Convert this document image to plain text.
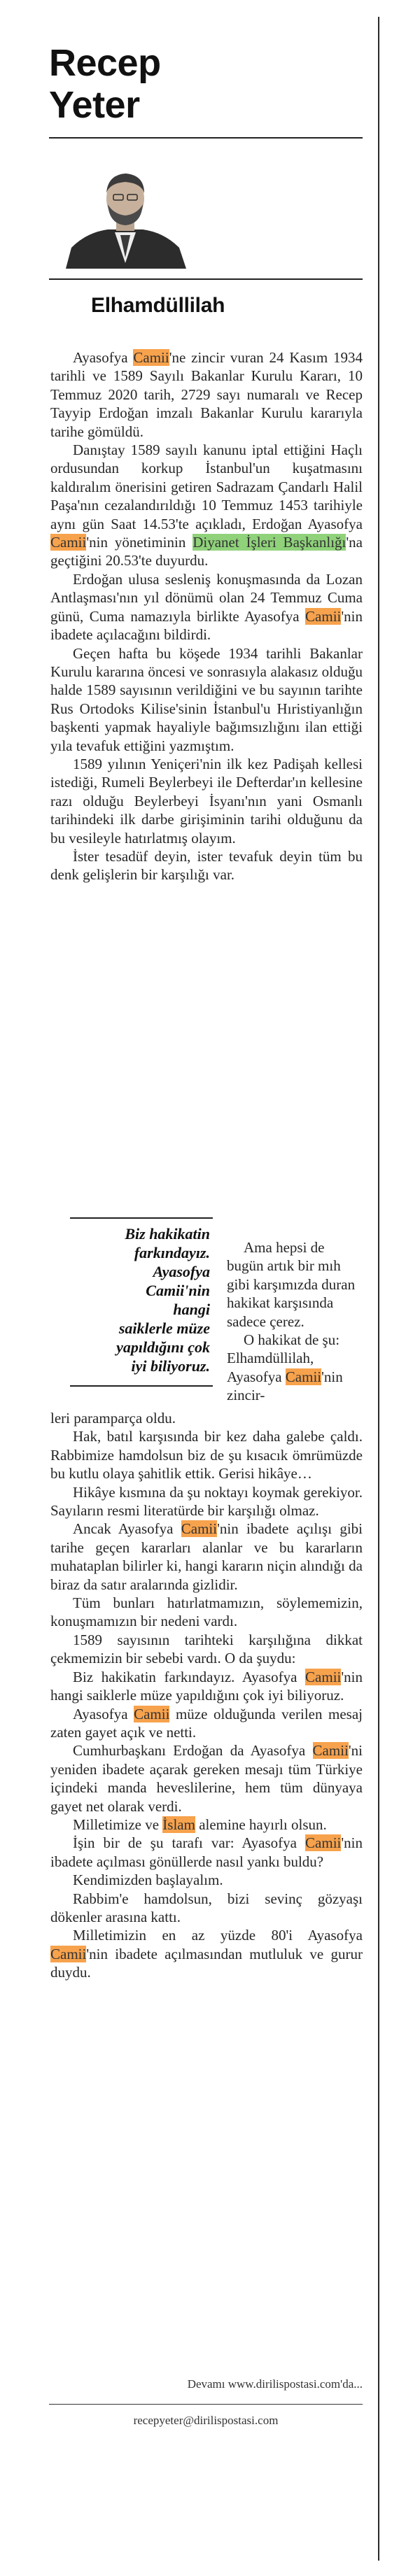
Recep
Yeter
Elhamdüllilah

Ayasofya Camii'ne zincir vuran 24 Kasım 1934 tarihli ve 1589 Sayılı Bakanlar Kurulu Kararı, 10 Temmuz 2020 tarih, 2729 sayı numaralı ve Recep Tayyip Erdoğan imzalı Bakanlar Kurulu kararıyla tarihe gömüldü.

Danıştay 1589 sayılı kanunu iptal ettiğini Haçlı ordusundan korkup İstanbul'un kuşatmasını kaldıralım önerisini getiren Sadrazam Çandarlı Halil Paşa'nın cezalandırıldığı 10 Temmuz 1453 tarihiyle aynı gün Saat 14.53'te açıkladı, Erdoğan Ayasofya Camii'nin yönetiminin Diyanet İşleri Başkanlığı'na geçtiğini 20.53'te duyurdu.

Erdoğan ulusa sesleniş konuşmasında da Lozan Antlaşması'nın yıl dönümü olan 24 Temmuz Cuma günü, Cuma namazıyla birlikte Ayasofya Camii'nin ibadete açılacağını bildirdi.

Geçen hafta bu köşede 1934 tarihli Bakanlar Kurulu kararına öncesi ve sonrasıyla alakasız olduğu halde 1589 sayısının verildiğini ve bu sayının tarihte Rus Ortodoks Kilise'sinin İstanbul'u Hıristiyanlığın başkenti yapmak hayaliyle bağımsızlığını ilan ettiği yıla tevafuk ettiğini yazmıştım.

1589 yılının Yeniçeri'nin ilk kez Padişah kellesi istediği, Rumeli Beylerbeyi ile Defterdar'ın kellesine razı olduğu Beylerbeyi İsyanı'nın yani Osmanlı tarihindeki ilk darbe girişiminin tarihi olduğunu da bu vesileyle hatırlatmış olayım.

İster tesadüf deyin, ister tevafuk deyin tüm bu denk gelişlerin bir karşılığı var.

Biz hakikatin
farkındayız.
Ayasofya
Camii'nin
hangi
saiklerle müze
yapıldığını çok
iyi biliyoruz.

Ama hepsi de bugün artık bir mıh gibi karşımızda duran hakikat karşısında sadece çerez.

O hakikat de şu: Elhamdüllilah, Ayasofya Camii'nin zincir-

leri paramparça oldu.

Hak, batıl karşısında bir kez daha galebe çaldı. Rabbimize hamdolsun biz de şu kısacık ömrümüzde bu kutlu olaya şahitlik ettik. Gerisi hikâye…

Hikâye kısmına da şu noktayı koymak gerekiyor. Sayıların resmi literatürde bir karşılığı olmaz.

Ancak Ayasofya Camii'nin ibadete açılışı gibi tarihe geçen kararları alanlar ve bu kararların muhataplan bilirler ki, hangi kararın niçin alındığı da biraz da satır aralarında gizlidir.

Tüm bunları hatırlatmamızın, söylememizin, konuşmamızın bir nedeni vardı.

1589 sayısının tarihteki karşılığına dikkat çekmemizin bir sebebi vardı. O da şuydu:

Biz hakikatin farkındayız. Ayasofya Camii'nin hangi saiklerle müze yapıldığını çok iyi biliyoruz.

Ayasofya Camii müze olduğunda verilen mesaj zaten gayet açık ve netti.

Cumhurbaşkanı Erdoğan da Ayasofya Camii'ni yeniden ibadete açarak gereken mesajı tüm Türkiye içindeki manda heveslilerine, hem tüm dünyaya gayet net olarak verdi.

Milletimize ve İslam alemine hayırlı olsun.

İşin bir de şu tarafı var: Ayasofya Camii'nin ibadete açılması gönüllerde nasıl yankı buldu?

Kendimizden başlayalım.

Rabbim'e hamdolsun, bizi sevinç gözyaşı dökenler arasına kattı.

Milletimizin en az yüzde 80'i Ayasofya Camii'nin ibadete açılmasından mutluluk ve gurur duydu.

Devamı www.dirilispostasi.com'da...
recepyeter@dirilispostasi.com
